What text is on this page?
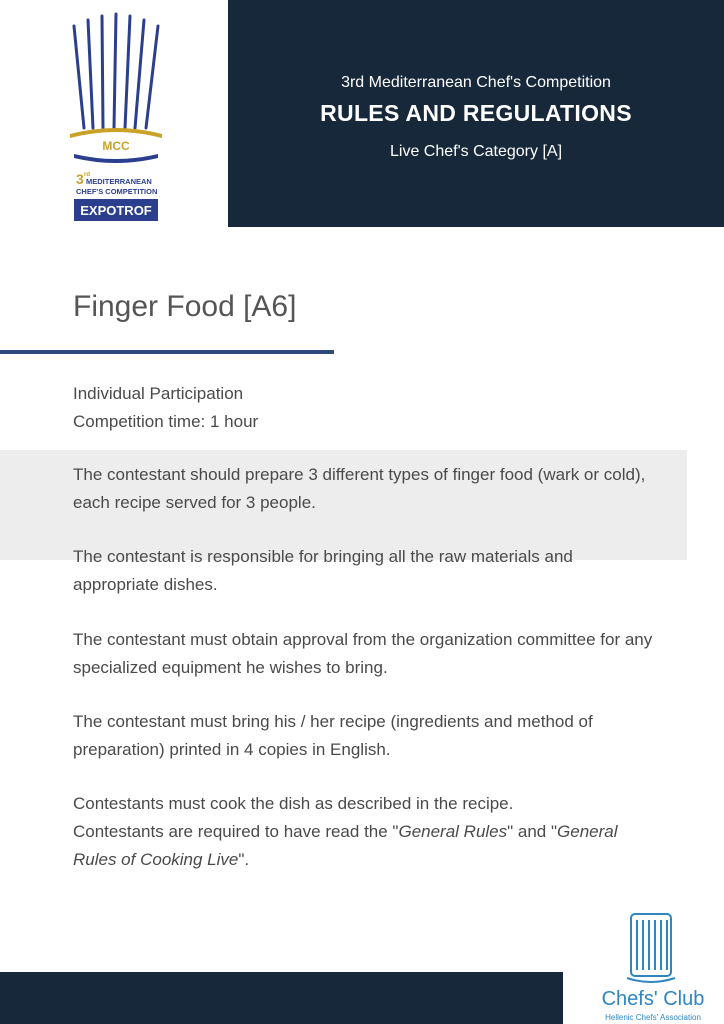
MCC
3 rd
MEDITERRANEAN
CHEF'S COMPETITION
EXPOTROF
3rd Mediterranean Chef's Competition
RULES AND REGULATIONS
Live Chef's Category [A]
Finger Food [A6]
Individual Participation
Competition time: 1 hour

The contestant should prepare 3 different types of finger food (wark or cold), each recipe served for 3 people.

The contestant is responsible for bringing all the raw materials and appropriate dishes.

The contestant must obtain approval from the organization committee for any specialized equipment he wishes to bring.

The contestant must bring his / her recipe (ingredients and method of preparation) printed in 4 copies in English.

Contestants must cook the dish as described in the recipe.
Contestants are required to have read the "General Rules" and "General Rules of Cooking Live".

Chefs' Club
Hellenic Chefs' Association
